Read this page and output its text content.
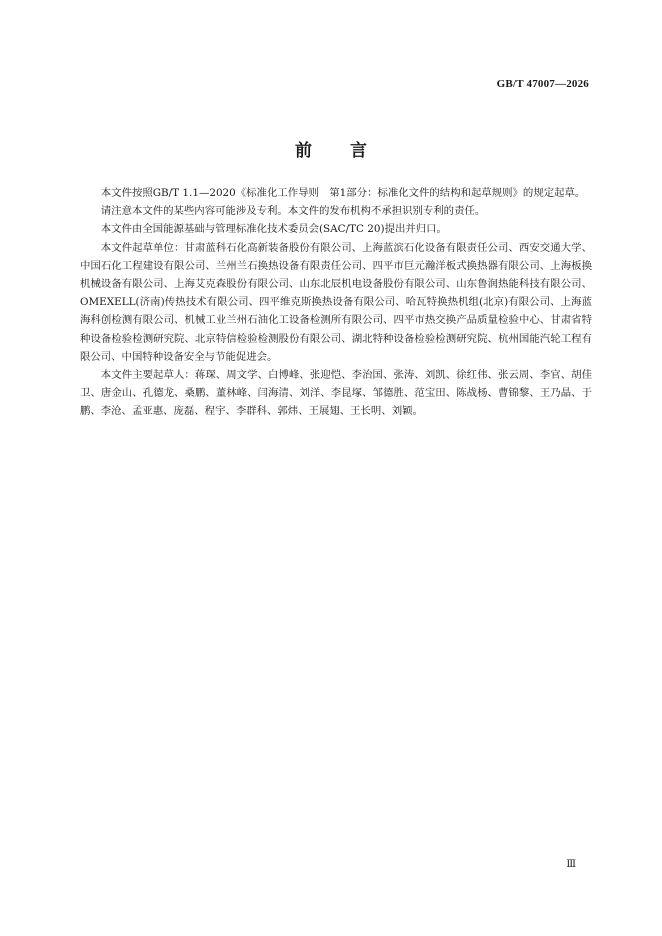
GB/T 47007—2026
前言

本文件按照GB/T 1.1—2020《标准化工作导则　第1部分：标准化文件的结构和起草规则》的规定起草。

请注意本文件的某些内容可能涉及专利。本文件的发布机构不承担识别专利的责任。

本文件由全国能源基础与管理标准化技术委员会(SAC/TC 20)提出并归口。

本文件起草单位：甘肃蓝科石化高新装备股份有限公司、上海蓝滨石化设备有限责任公司、西安交通大学、中国石化工程建设有限公司、兰州兰石换热设备有限责任公司、四平市巨元瀚洋板式换热器有限公司、上海板换机械设备有限公司、上海艾克森股份有限公司、山东北辰机电设备股份有限公司、山东鲁润热能科技有限公司、OMEXELL(济南)传热技术有限公司、四平维克斯换热设备有限公司、哈瓦特换热机组(北京)有限公司、上海蓝海科创检测有限公司、机械工业兰州石油化工设备检测所有限公司、四平市热交换产品质量检验中心、甘肃省特种设备检验检测研究院、北京特信检验检测股份有限公司、湖北特种设备检验检测研究院、杭州国能汽轮工程有限公司、中国特种设备安全与节能促进会。

本文件主要起草人：蒋琛、周文学、白博峰、张迎恺、李治国、张涛、刘凯、徐红伟、张云周、李官、胡佳卫、唐金山、孔德龙、桑鹏、董林峰、闫海清、刘洋、李昆塚、邹德胜、范宝田、陈战杨、曹锦黎、王乃晶、于鹏、李沧、孟亚惠、庞磊、程宇、李群科、郭炜、王展翅、王长明、刘颖。

Ⅲ
